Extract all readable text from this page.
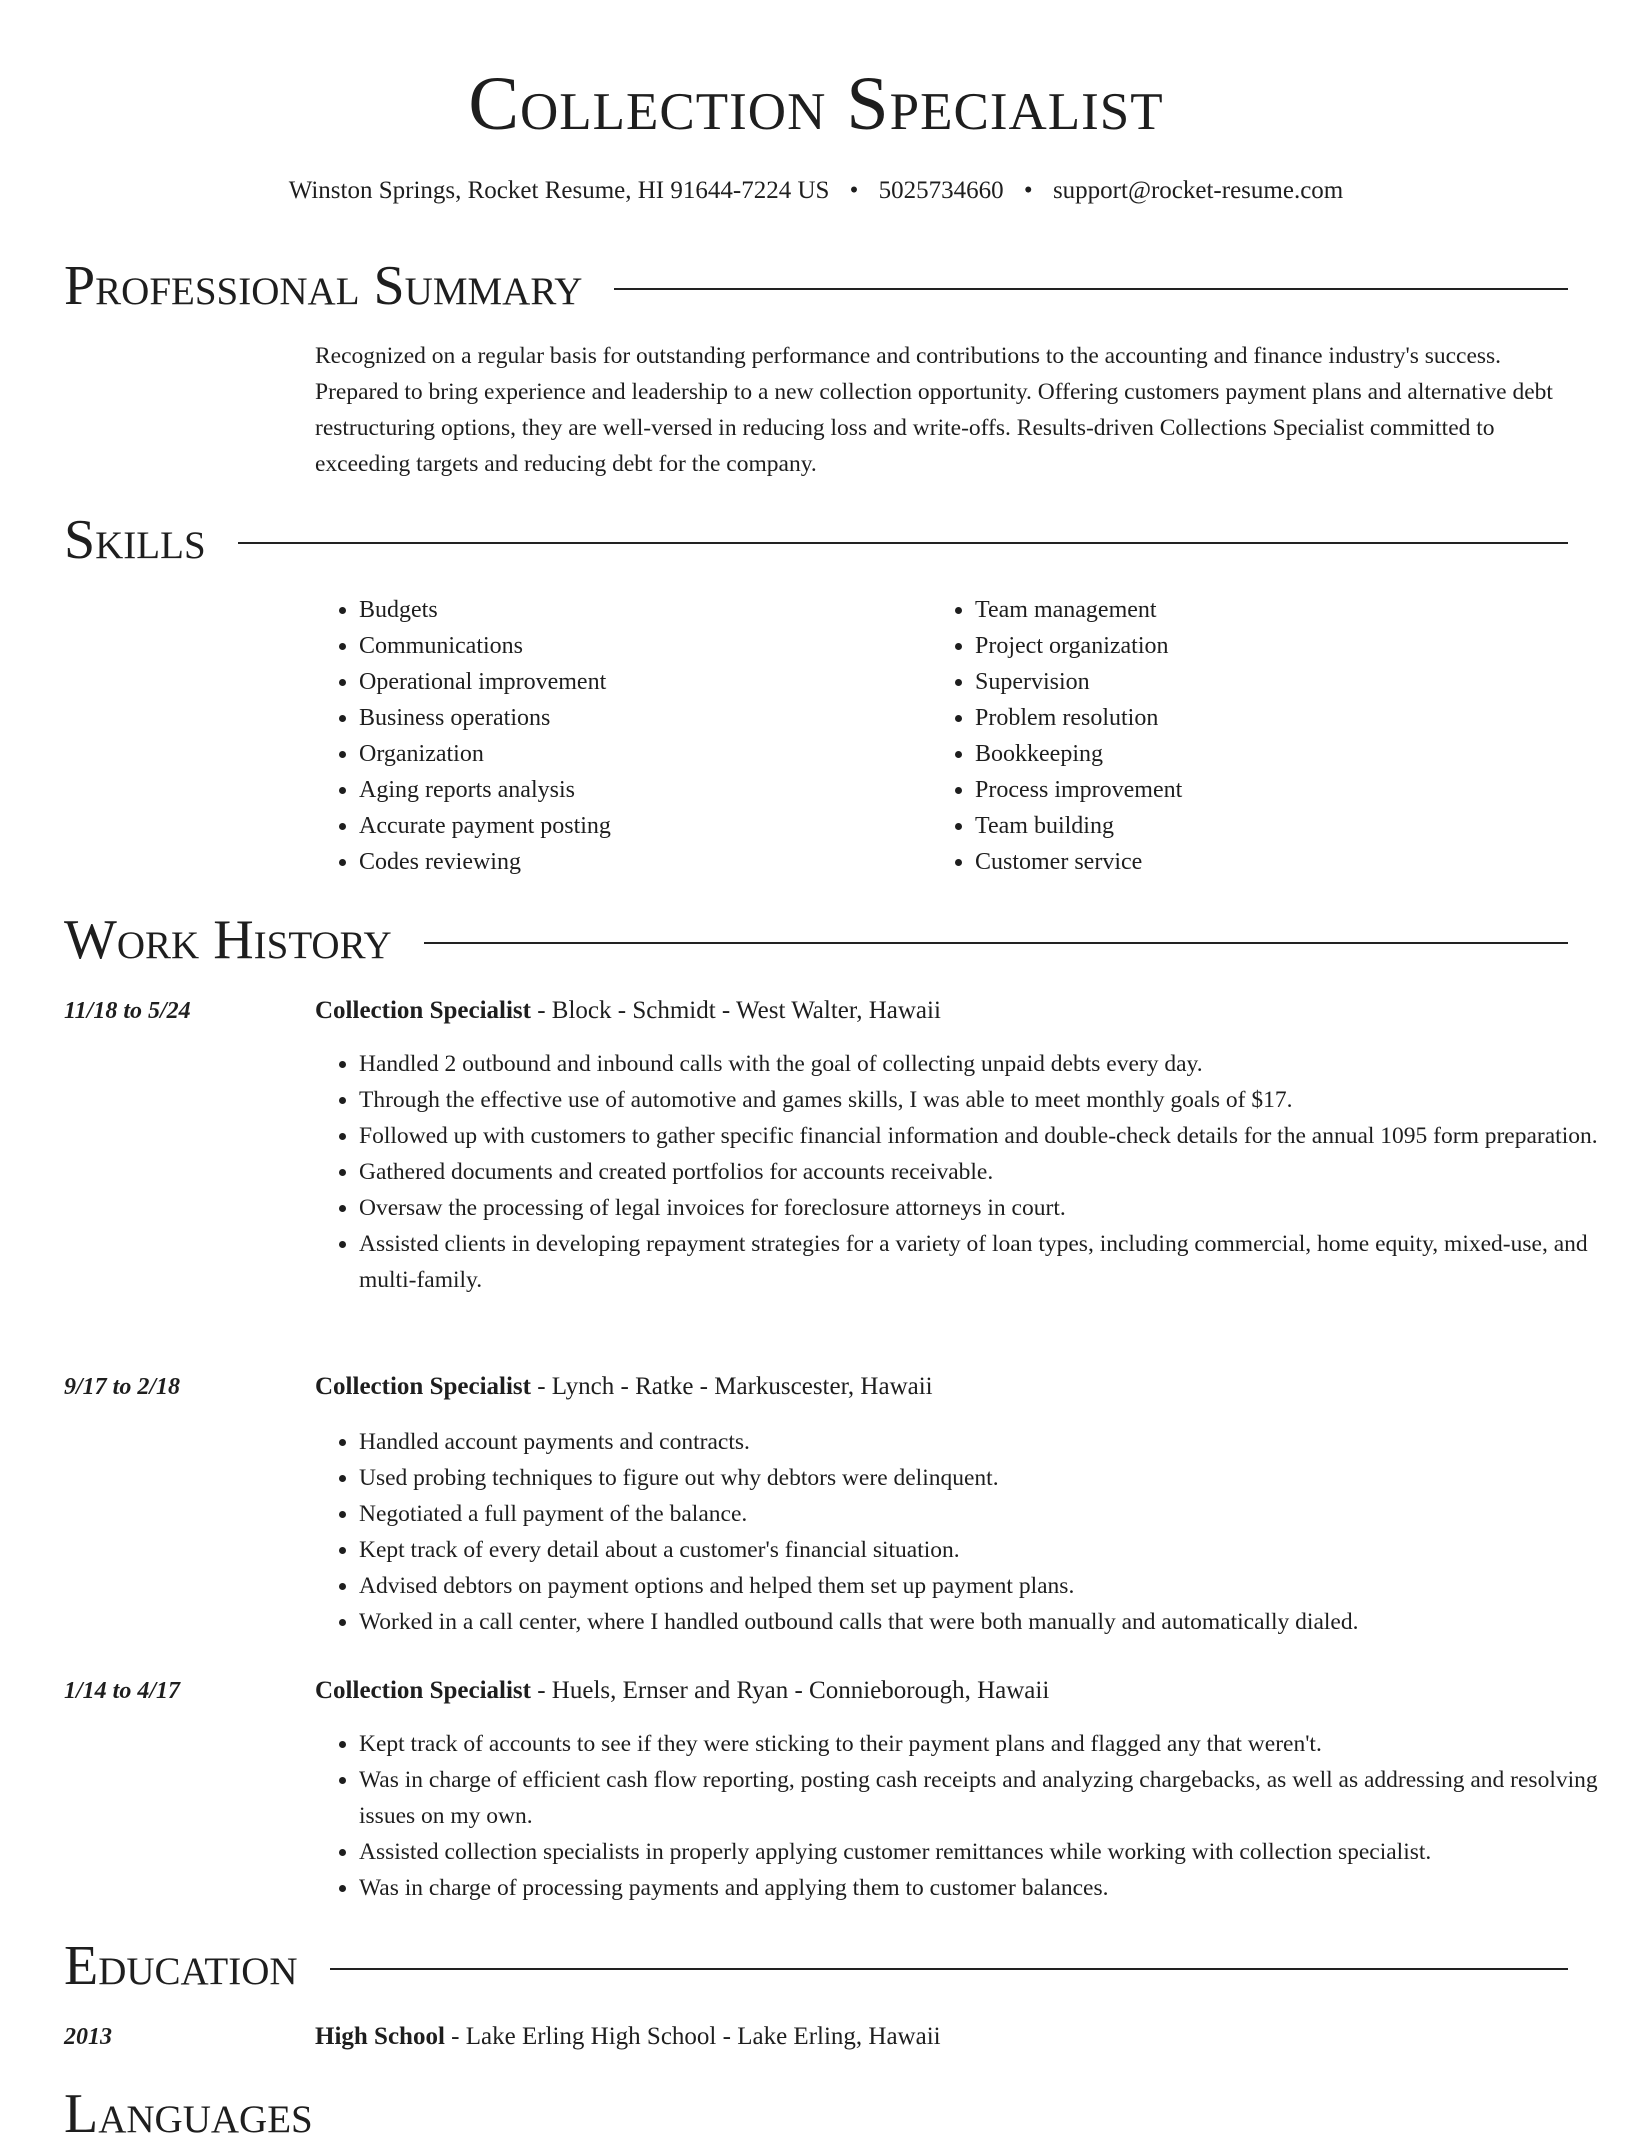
Collection Specialist
Winston Springs, Rocket Resume, HI 91644-7224 US • 5025734660 • support@rocket-resume.com
Professional Summary
Recognized on a regular basis for outstanding performance and contributions to the accounting and finance industry's success. Prepared to bring experience and leadership to a new collection opportunity. Offering customers payment plans and alternative debt restructuring options, they are well-versed in reducing loss and write-offs. Results-driven Collections Specialist committed to exceeding targets and reducing debt for the company.
Skills
• Budgets
• Communications
• Operational improvement
• Business operations
• Organization
• Aging reports analysis
• Accurate payment posting
• Codes reviewing
• Team management
• Project organization
• Supervision
• Problem resolution
• Bookkeeping
• Process improvement
• Team building
• Customer service
Work History
11/18 to 5/24	Collection Specialist - Block - Schmidt - West Walter, Hawaii
• Handled 2 outbound and inbound calls with the goal of collecting unpaid debts every day.
• Through the effective use of automotive and games skills, I was able to meet monthly goals of $17.
• Followed up with customers to gather specific financial information and double-check details for the annual 1095 form preparation.
• Gathered documents and created portfolios for accounts receivable.
• Oversaw the processing of legal invoices for foreclosure attorneys in court.
• Assisted clients in developing repayment strategies for a variety of loan types, including commercial, home equity, mixed-use, and multi-family.
9/17 to 2/18	Collection Specialist - Lynch - Ratke - Markuscester, Hawaii
• Handled account payments and contracts.
• Used probing techniques to figure out why debtors were delinquent.
• Negotiated a full payment of the balance.
• Kept track of every detail about a customer's financial situation.
• Advised debtors on payment options and helped them set up payment plans.
• Worked in a call center, where I handled outbound calls that were both manually and automatically dialed.
1/14 to 4/17	Collection Specialist - Huels, Ernser and Ryan - Connieborough, Hawaii
• Kept track of accounts to see if they were sticking to their payment plans and flagged any that weren't.
• Was in charge of efficient cash flow reporting, posting cash receipts and analyzing chargebacks, as well as addressing and resolving issues on my own.
• Assisted collection specialists in properly applying customer remittances while working with collection specialist.
• Was in charge of processing payments and applying them to customer balances.
Education
2013	High School - Lake Erling High School - Lake Erling, Hawaii
Languages
